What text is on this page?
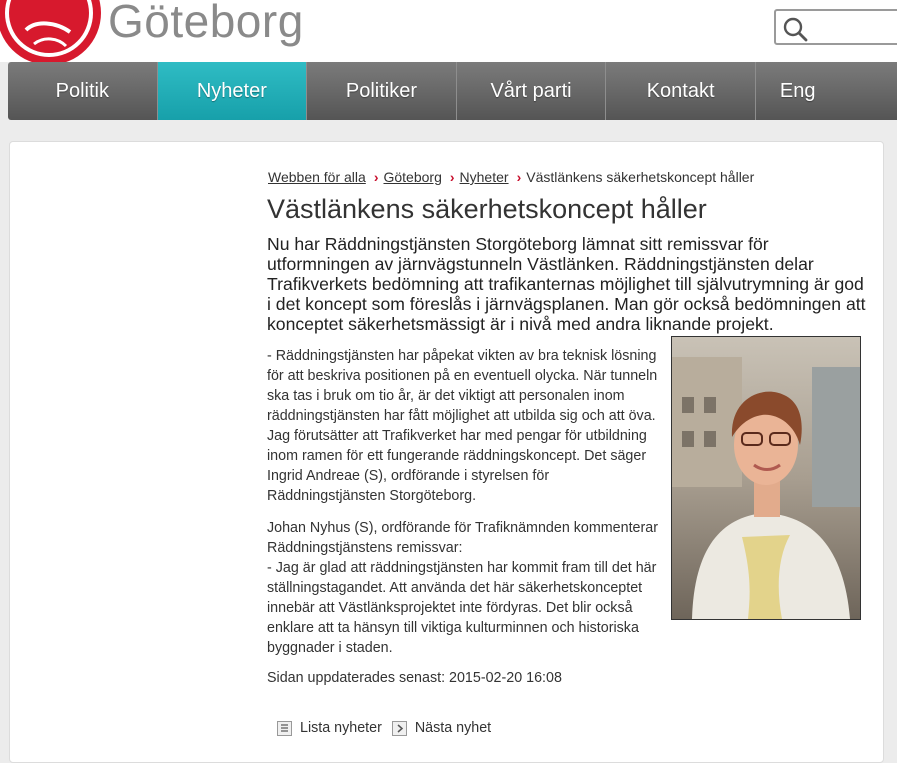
Göteborg
Politik	Nyheter	Politiker	Vårt parti	Kontakt	Eng
Webben för alla › Göteborg › Nyheter › Västlänkens säkerhetskoncept håller
Västlänkens säkerhetskoncept håller

Nu har Räddningstjänsten Storgöteborg lämnat sitt remissvar för utformningen av järnvägstunneln Västlänken. Räddningstjänsten delar Trafikverkets bedömning att trafikanternas möjlighet till självutrymning är god i det koncept som föreslås i järnvägsplanen. Man gör också bedömningen att konceptet säkerhetsmässigt är i nivå med andra liknande projekt.

- Räddningstjänsten har påpekat vikten av bra teknisk lösning för att beskriva positionen på en eventuell olycka. När tunneln ska tas i bruk om tio år, är det viktigt att personalen inom räddningstjänsten har fått möjlighet att utbilda sig och att öva. Jag förutsätter att Trafikverket har med pengar för utbildning inom ramen för ett fungerande räddningskoncept. Det säger Ingrid Andreae (S), ordförande i styrelsen för Räddningstjänsten Storgöteborg.

Johan Nyhus (S), ordförande för Trafiknämnden kommenterar Räddningstjänstens remissvar:
- Jag är glad att räddningstjänsten har kommit fram till det här ställningstagandet. Att använda det här säkerhetskonceptet innebär att Västlänksprojektet inte fördyras. Det blir också enklare att ta hänsyn till viktiga kulturminnen och historiska byggnader i staden.

Sidan uppdaterades senast: 2015-02-20 16:08
Lista nyheter Nästa nyhet
